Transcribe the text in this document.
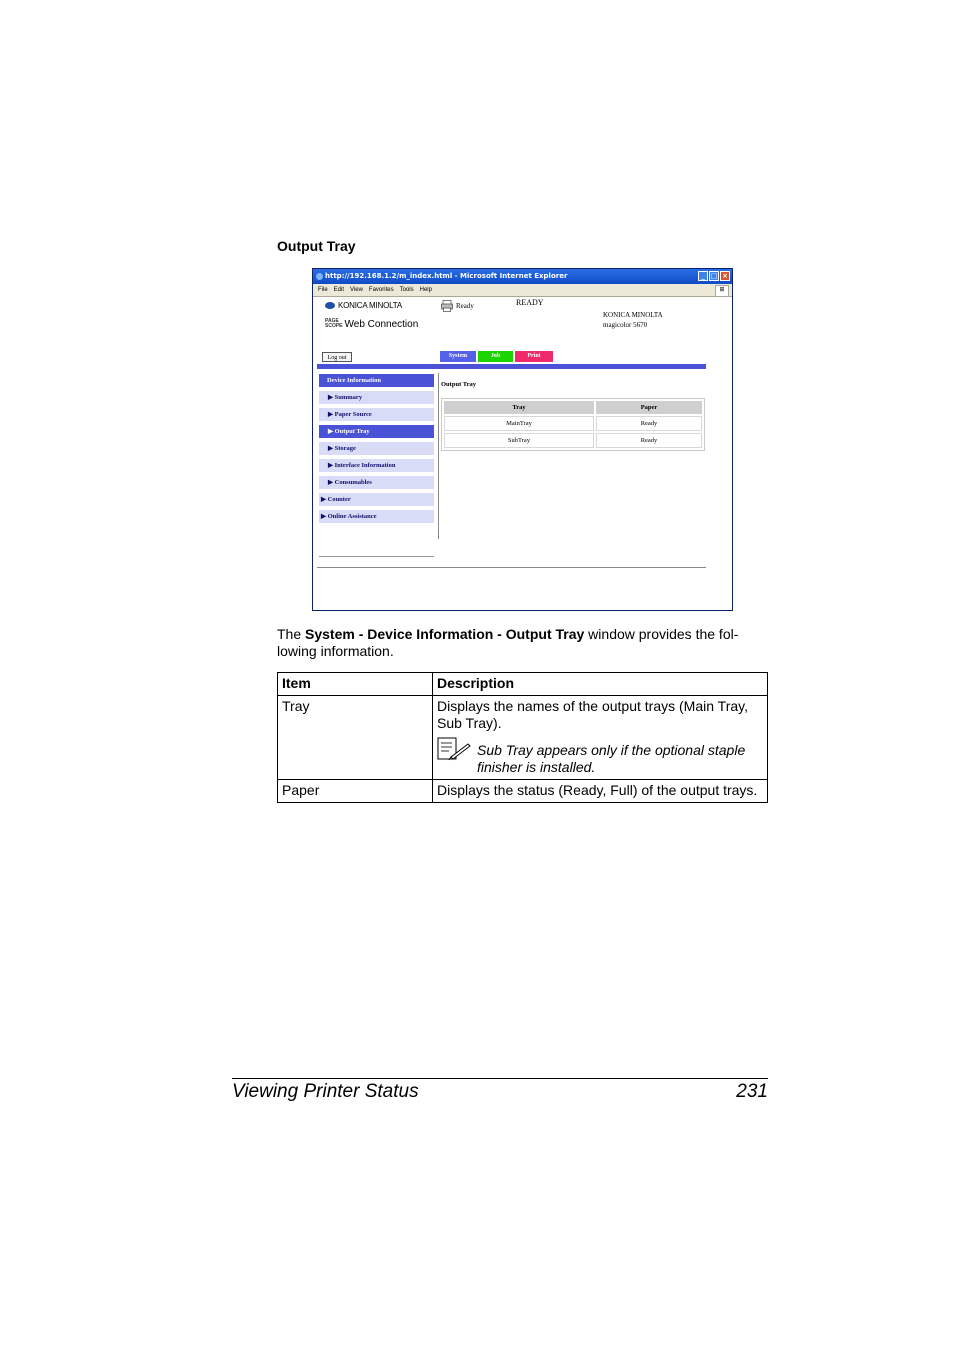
Output Tray
http://192.168.1.2/m_index.html - Microsoft Internet Explorer	_ □ ×
File Edit View Favorites Tools Help	⊞
KONICA MINOLTA
PAGE
SCOPE Web Connection
Ready	READY
KONICA MINOLTA
magicolor 5670
Log out	System	Job	Print
Device Information
▶ Summary
▶ Paper Source
▶ Output Tray
▶ Storage
▶ Interface Information
▶ Consumables
▶ Counter
▶ Online Assistance
Output Tray
Tray	Paper
MainTray	Ready
SubTray	Ready
The System - Device Information - Output Tray window provides the fol-lowing information.
Item	Description
Tray	Displays the names of the output trays (Main Tray, Sub Tray).
Sub Tray appears only if the optional staple finisher is installed.

Paper	Displays the status (Ready, Full) of the output trays.
Viewing Printer Status	231
